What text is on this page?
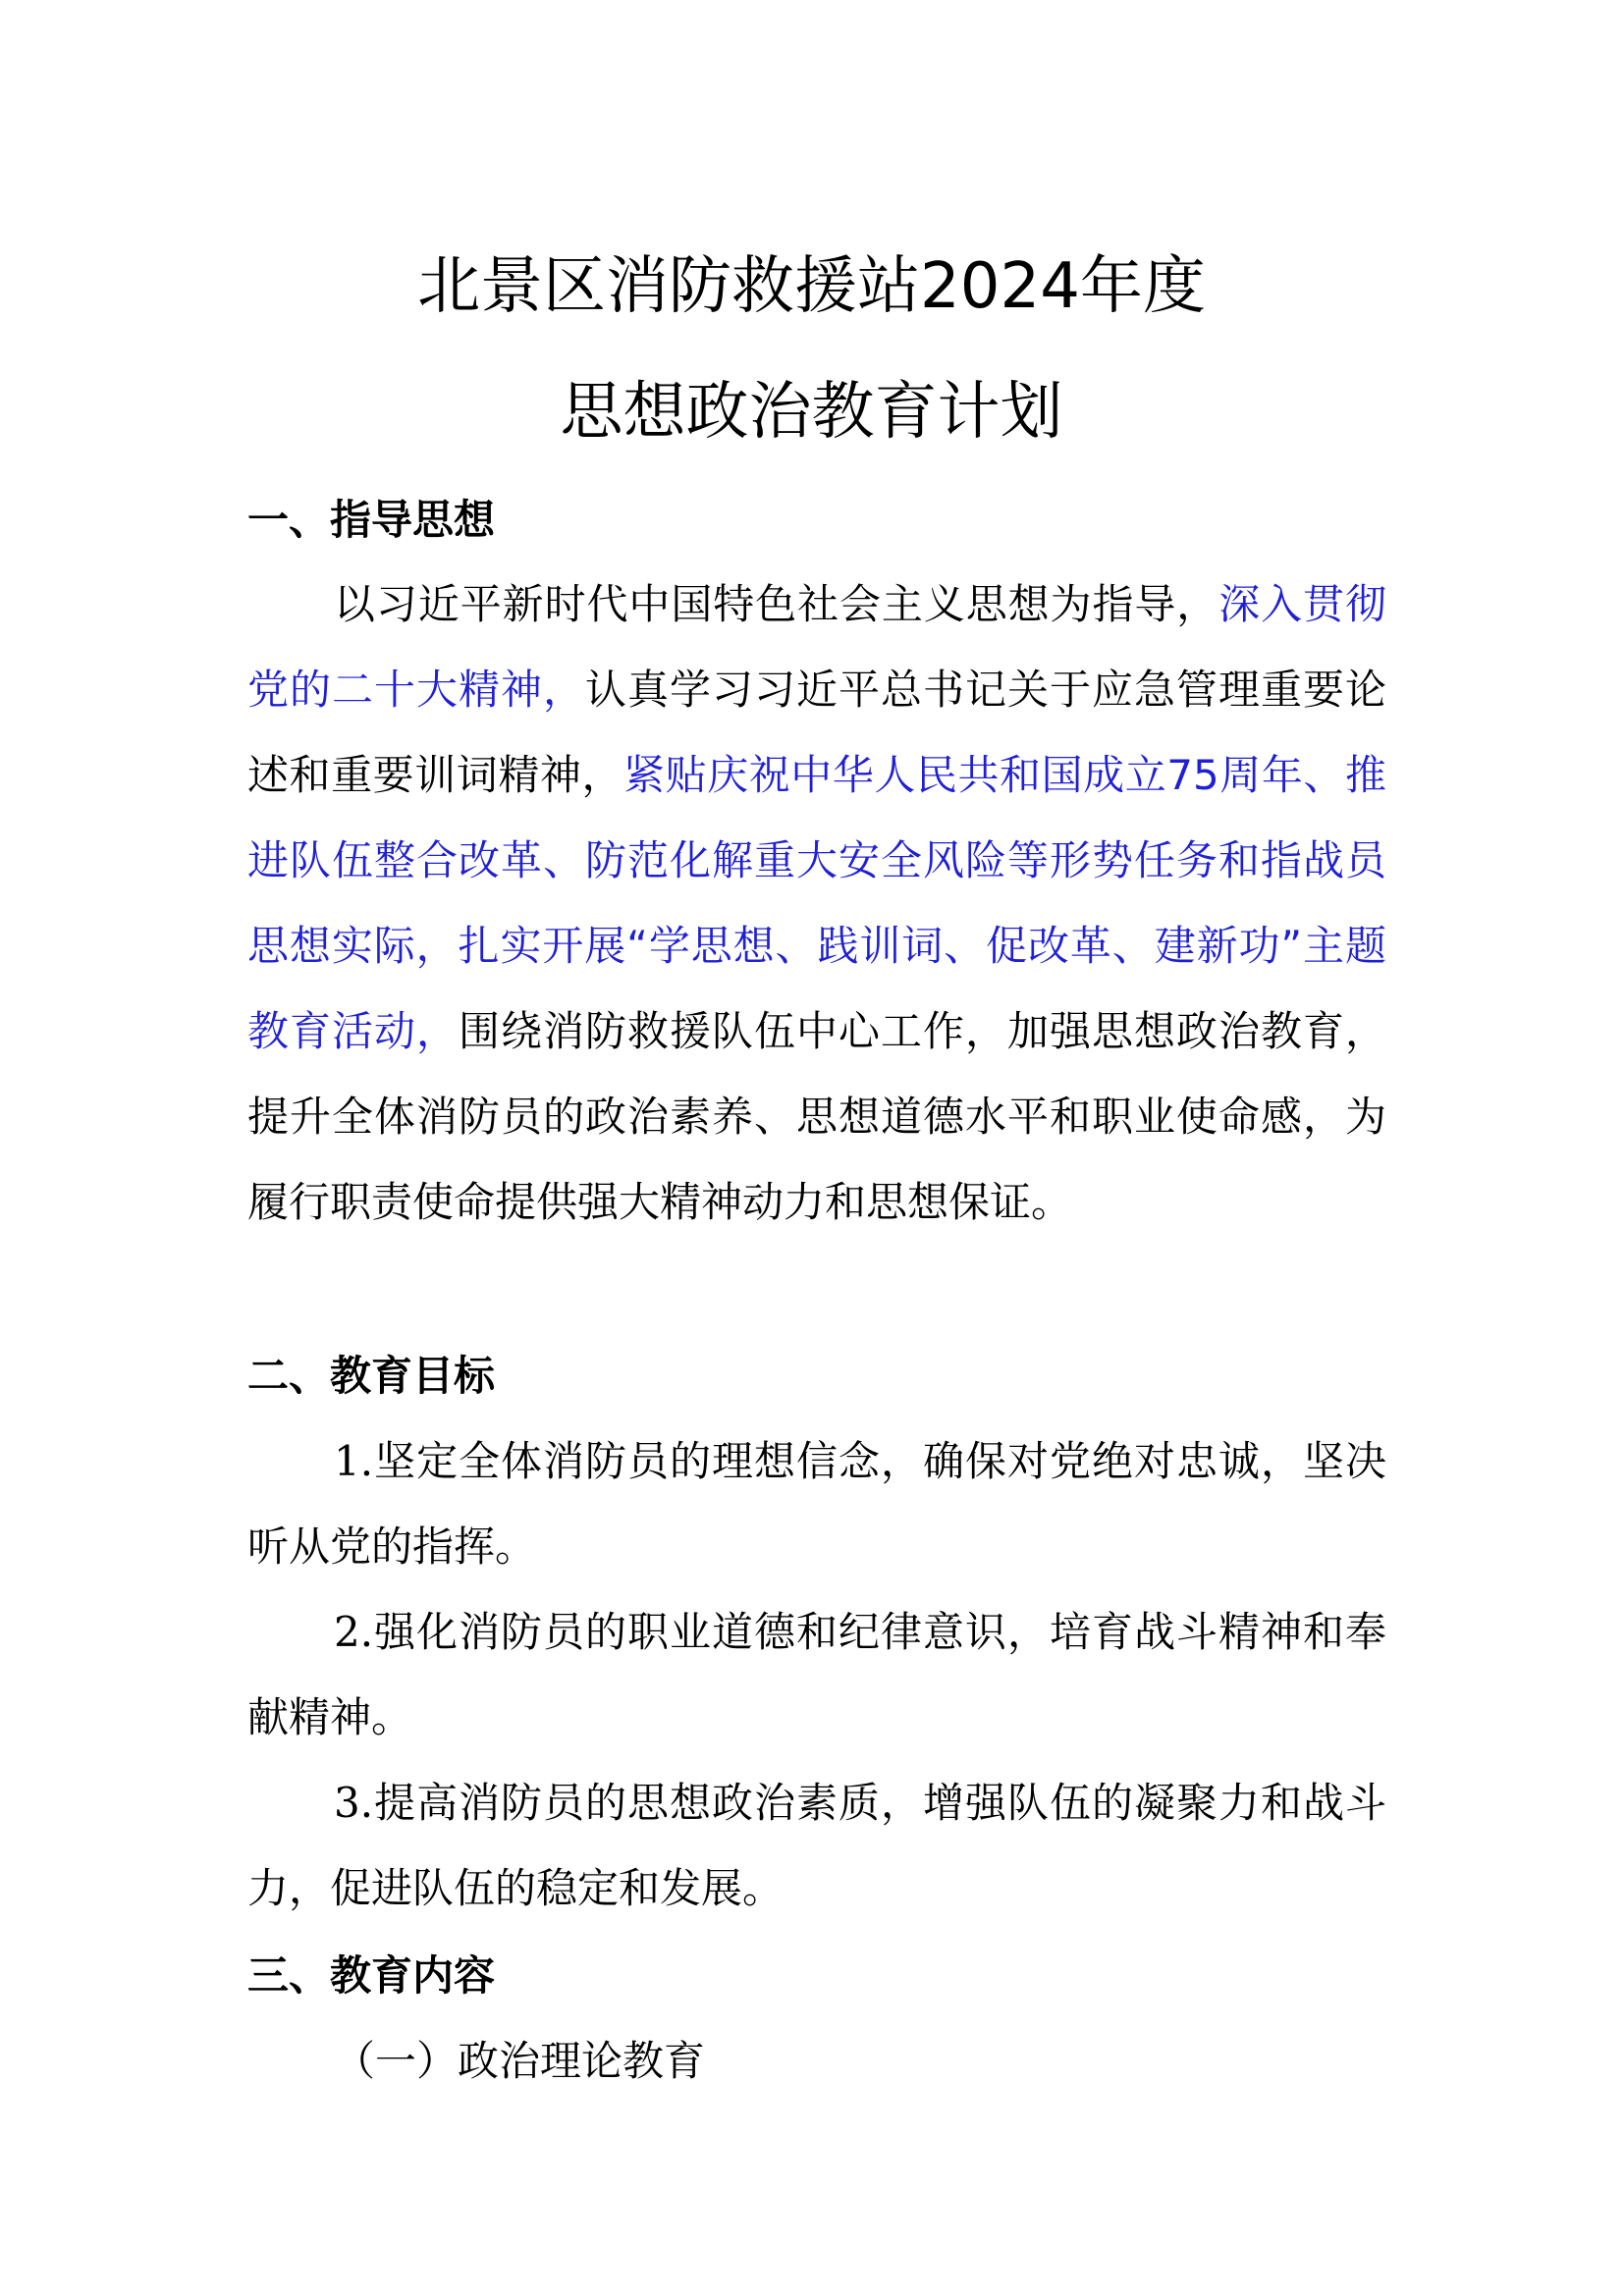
北景区消防救援站2024年度
思想政治教育计划
一、指导思想

以习近平新时代中国特色社会主义思想为指导，深入贯彻党的二十大精神，认真学习习近平总书记关于应急管理重要论述和重要训词精神，紧贴庆祝中华人民共和国成立75周年、推进队伍整合改革、防范化解重大安全风险等形势任务和指战员思想实际，扎实开展“学思想、践训词、促改革、建新功”主题教育活动，围绕消防救援队伍中心工作，加强思想政治教育，提升全体消防员的政治素养、思想道德水平和职业使命感，为履行职责使命提供强大精神动力和思想保证。

二、教育目标

1.坚定全体消防员的理想信念，确保对党绝对忠诚，坚决听从党的指挥。

2.强化消防员的职业道德和纪律意识，培育战斗精神和奉献精神。

3.提高消防员的思想政治素质，增强队伍的凝聚力和战斗力，促进队伍的稳定和发展。

三、教育内容
（一）政治理论教育
